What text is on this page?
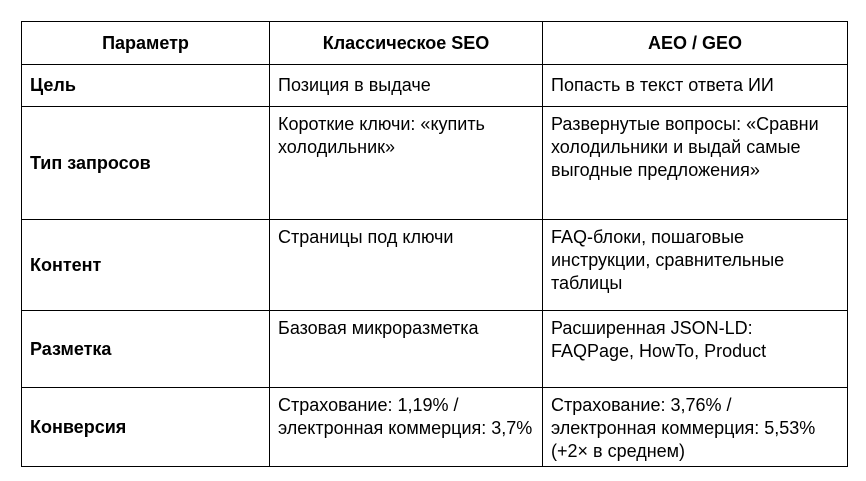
Параметр	Классическое SEO	AEO / GEO
Цель	Позиция в выдаче	Попасть в текст ответа ИИ
Тип запросов	Короткие ключи: «купить холодильник»	Развернутые вопросы: «Сравни холодильники и выдай самые выгодные предложения»
Контент	Страницы под ключи	FAQ-блоки, пошаговые инструкции, сравнительные таблицы
Разметка	Базовая микроразметка	Расширенная JSON-LD: FAQPage, HowTo, Product
Конверсия	Страхование: 1,19% / электронная коммерция: 3,7%	Страхование: 3,76% / электронная коммерция: 5,53% (+2× в среднем)
